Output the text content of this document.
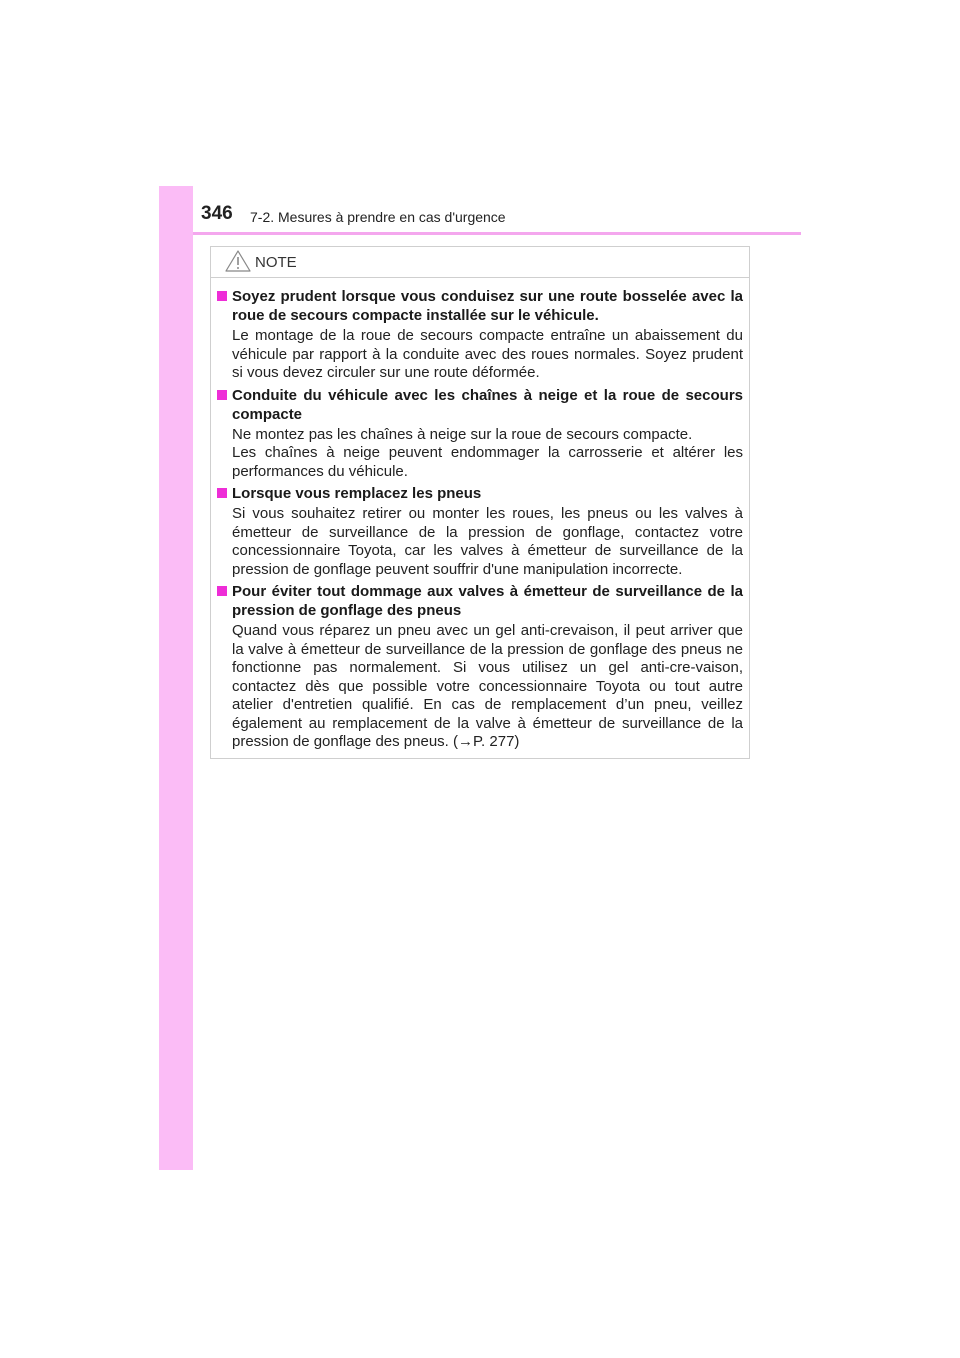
346 7-2. Mesures à prendre en cas d'urgence
NOTE
Soyez prudent lorsque vous conduisez sur une route bosselée avec la roue de secours compacte installée sur le véhicule.

Le montage de la roue de secours compacte entraîne un abaissement du véhicule par rapport à la conduite avec des roues normales. Soyez prudent si vous devez circuler sur une route déformée.

Conduite du véhicule avec les chaînes à neige et la roue de secours compacte

Ne montez pas les chaînes à neige sur la roue de secours compacte.

Les chaînes à neige peuvent endommager la carrosserie et altérer les performances du véhicule.

Lorsque vous remplacez les pneus

Si vous souhaitez retirer ou monter les roues, les pneus ou les valves à émetteur de surveillance de la pression de gonflage, contactez votre concessionnaire Toyota, car les valves à émetteur de surveillance de la pression de gonflage peuvent souffrir d'une manipulation incorrecte.

Pour éviter tout dommage aux valves à émetteur de surveillance de la pression de gonflage des pneus

Quand vous réparez un pneu avec un gel anti-crevaison, il peut arriver que la valve à émetteur de surveillance de la pression de gonflage des pneus ne fonctionne pas normalement. Si vous utilisez un gel anti-cre-vaison, contactez dès que possible votre concessionnaire Toyota ou tout autre atelier d'entretien qualifié. En cas de remplacement d’un pneu, veillez également au remplacement de la valve à émetteur de surveillance de la pression de gonflage des pneus. (→P. 277)
